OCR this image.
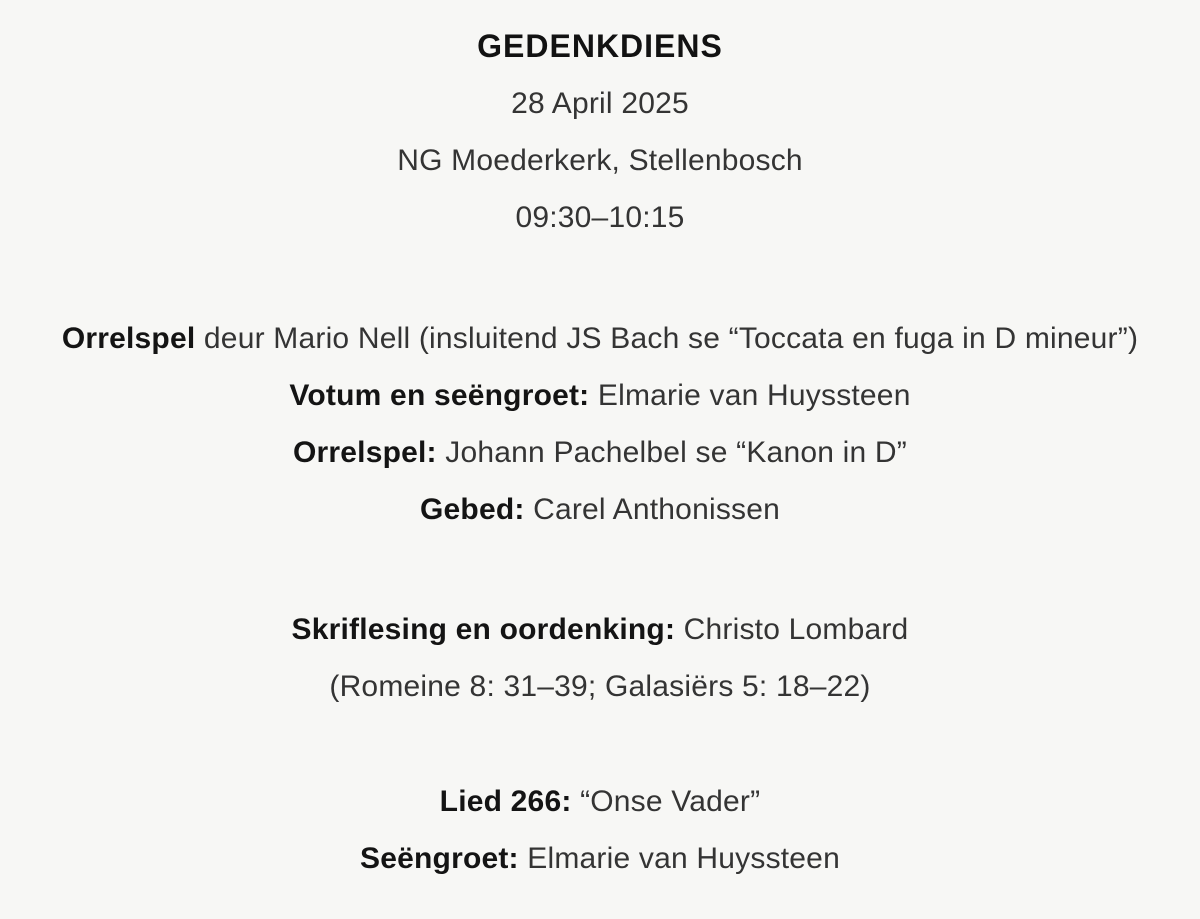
GEDENKDIENS
28 April 2025
NG Moederkerk, Stellenbosch
09:30–10:15
Orrelspel deur Mario Nell (insluitend JS Bach se “Toccata en fuga in D mineur”)
Votum en seëngroet: Elmarie van Huyssteen
Orrelspel: Johann Pachelbel se “Kanon in D”
Gebed: Carel Anthonissen
Skriflesing en oordenking: Christo Lombard
(Romeine 8: 31–39; Galasiërs 5: 18–22)
Lied 266: “Onse Vader”
Seëngroet: Elmarie van Huyssteen
